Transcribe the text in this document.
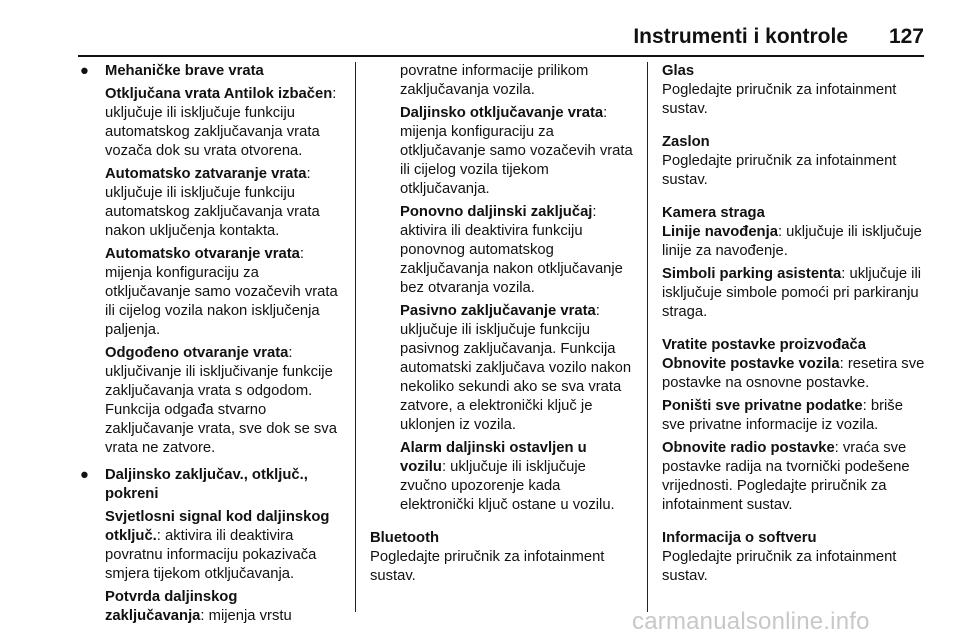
Instrumenti i kontrole 127
● Mehaničke brave vrata

Otključana vrata Antilok izbačen: uključuje ili isključuje funkciju automatskog zaključavanja vrata vozača dok su vrata otvorena.

Automatsko zatvaranje vrata: uključuje ili isključuje funkciju automatskog zaključavanja vrata nakon uključenja kontakta.

Automatsko otvaranje vrata: mijenja konfiguraciju za otključavanje samo vozačevih vrata ili cijelog vozila nakon isključenja paljenja.

Odgođeno otvaranje vrata: uključivanje ili isključivanje funkcije zaključavanja vrata s odgodom. Funkcija odgađa stvarno zaključavanje vrata, sve dok se sva vrata ne zatvore.

● Daljinsko zaključav., otključ., pokreni

Svjetlosni signal kod daljinskog otključ.: aktivira ili deaktivira povratnu informaciju pokazivača smjera tijekom otključavanja.

Potvrda daljinskog zaključavanja: mijenja vrstu

povratne informacije prilikom zaključavanja vozila.

Daljinsko otključavanje vrata: mijenja konfiguraciju za otključavanje samo vozačevih vrata ili cijelog vozila tijekom otključavanja.

Ponovno daljinski zaključaj: aktivira ili deaktivira funkciju ponovnog automatskog zaključavanja nakon otključavanje bez otvaranja vozila.

Pasivno zaključavanje vrata: uključuje ili isključuje funkciju pasivnog zaključavanja. Funkcija automatski zaključava vozilo nakon nekoliko sekundi ako se sva vrata zatvore, a elektronički ključ je uklonjen iz vozila.

Alarm daljinski ostavljen u vozilu: uključuje ili isključuje zvučno upozorenje kada elektronički ključ ostane u vozilu.

Bluetooth

Pogledajte priručnik za infotainment sustav.

Glas

Pogledajte priručnik za infotainment sustav.

Zaslon

Pogledajte priručnik za infotainment sustav.

Kamera straga

Linije navođenja: uključuje ili isključuje linije za navođenje.

Simboli parking asistenta: uključuje ili isključuje simbole pomoći pri parkiranju straga.

Vratite postavke proizvođača

Obnovite postavke vozila: resetira sve postavke na osnovne postavke.

Poništi sve privatne podatke: briše sve privatne informacije iz vozila.

Obnovite radio postavke: vraća sve postavke radija na tvornički podešene vrijednosti. Pogledajte priručnik za infotainment sustav.

Informacija o softveru

Pogledajte priručnik za infotainment sustav.

carmanualsonline.info
